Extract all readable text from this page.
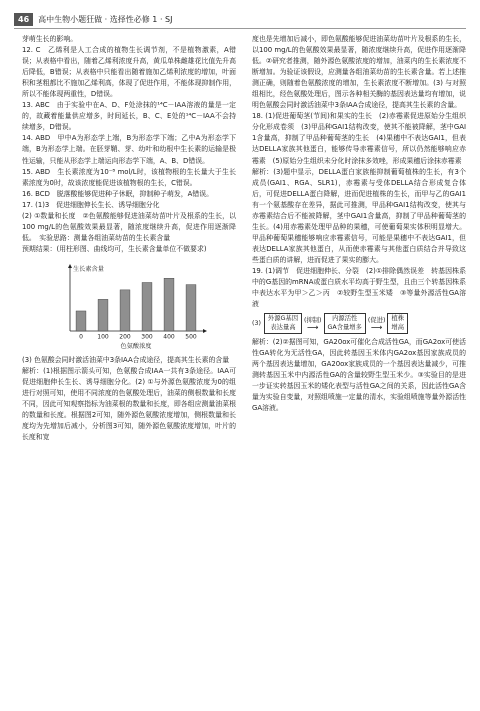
46 高中生物小题狂做 · 选择性必修 1 · SJ

芽萌生长的影响。

12. C　乙烯利是人工合成的植物生长调节剂，不是植物激素，A错误；从表格中看出，随着乙烯利浓度升高，黄瓜单株雌雄花比值先升高后降低，B错误；从表格中只能看出随着施加乙烯利浓度的增加，叶面积和茎粗都比不施加乙烯利高，体现了促进作用，不能体现抑制作用，所以不能体现两重性，D错误。

13. ABC　由于实验中在A、D、F处涂抹的¹⁴C－IAA溶液的量是一定的，故藏着能量供应增多，时间延长，B、C、E处的¹⁴C－IAA不会持续增多，D错误。

14. ABD　甲中A为形态学上端，B为形态学下端；乙中A为形态学下端，B为形态学上端。在胚芽鞘、芽、幼叶和幼根中生长素的运输是极性运输，只能从形态学上端运向形态学下端，A、B、D错误。

15. ABD　生长素浓度为10⁻⁸ mol/L时，该植物根的生长量大于生长素浓度为0时，故该浓度能促进该植物根的生长，C错误。

16. BCD　脱落酸能够促进种子休眠，抑制种子萌发，A错误。

17. (1)3　促进细胞伸长生长、诱导细胞分化

(2) ①数量和长度　②色氨酸能够促进油菜幼苗叶片及根系的生长，以100 mg/L的色氨酸效果最显著，随浓度继续升高，促进作用逐渐降低。　实验思路：测量各组油菜幼苗的生长素含量

预期结果：(用柱形图、曲线均可，生长素含量单位不做要求)

生长素含量
0 100 200 300 400 500
色氨酸浓度

(3) 色氨酸会同时激活油菜中3条IAA合成途径，提高其生长素的含量

解析：(1)根据图示箭头可知，色氨酸合成IAA一共有3条途径。IAA可促进细胞伸长生长、诱导细胞分化。(2) ①与外源色氨酸浓度为0的组进行对照可知，使用不同浓度的色氨酸处理后，油菜的侧根数量和长度不同，因此可知观察指标为油菜根的数量和长度，即各组应测量油菜根的数量和长度。根据图2可知，随外源色氨酸浓度增加，侧根数量和长度均为先增加后减小，分析图3可知，随外源色氨酸浓度增加，叶片的长度和宽

度也是先增加后减小，即色氨酸能够促进油菜幼苗叶片及根系的生长，以100 mg/L的色氨酸效果最显著，随浓度继续升高，促进作用逐渐降低。②研究者推测，随外源色氨酸浓度的增加，油菜内的生长素浓度不断增加。为验证该假设，应测量各组油菜幼苗的生长素含量。若上述推测正确，则随着色氨酸浓度的增加，生长素浓度不断增加。(3) 与对照组相比，经色氨酸处理后，图示各种相关酶的基因表达量均有增加，说明色氨酸会同时激活油菜中3条IAA合成途径，提高其生长素的含量。

18. (1)促进葡萄茎(节间)和果实的生长　(2)赤霉素促进原始分生组织分化形成卷须　(3)甲品种GAI1结构改变，使其不能被降解，茎中GAI1含量高，抑制了甲品种葡萄茎的生长　(4)果穗中不表达GAI1，但表达DELLA家族其他蛋白，能够传导赤霉素信号，所以仍然能够响应赤霉素　(5)原始分生组织未分化时涂抹多效唑，形成果穗后涂抹赤霉素

解析：(3)题中显示，DELLA蛋白家族能抑制葡萄植株的生长，有3个成员(GAI1、RGA、SLR1)，赤霉素与受体DELLA结合形成复合体后，可促进DELLA蛋白降解，进而促进植株的生长，而甲与乙的GAI1有一个氨基酸存在差异，据此可推测，甲品种GAI1结构改变，使其与赤霉素结合后不能被降解，茎中GAI1含量高，抑制了甲品种葡萄茎的生长。(4)用赤霉素处理甲品种的果穗，可使葡萄果实体积明显增大。甲品种葡萄果穗能够响应赤霉素信号，可能是果穗中不表达GAI1，但表达DELLA家族其他蛋白，从而使赤霉素与其他蛋白质结合并导致这些蛋白质的讲解，进而促进了果实的膨大。

19. (1)调节　促进细胞伸长、分裂　(2)①排除偶然误差　转基因株系中的G基因的mRNA或蛋白质水平均高于野生型，且由三个转基因株系中表达水平为甲＞乙＞丙　②较野生型玉米矮　③等量外源活性GA溶液

(3)
外源G基因
表达量高
(抑制)
⟶
内源活性
GA含量增多
(促进)
⟶
植株
增高

解析：(2)②据图可知，GA20ox可催化合成活性GA，而GA2ox可使活性GA转化为无活性GA，因此转基因玉米体内GA2ox基因家族成员的两个基因表达量增加，GA20ox家族成员的一个基因表达量减少，可推测转基因玉米中内源活性GA的含量较野生型玉米少。③实验目的是进一步证实转基因玉米的矮化表型与活性GA之间的关系，因此活性GA含量为实验自变量，对照组喷施一定量的清水，实验组喷施等量外源活性GA溶液。
